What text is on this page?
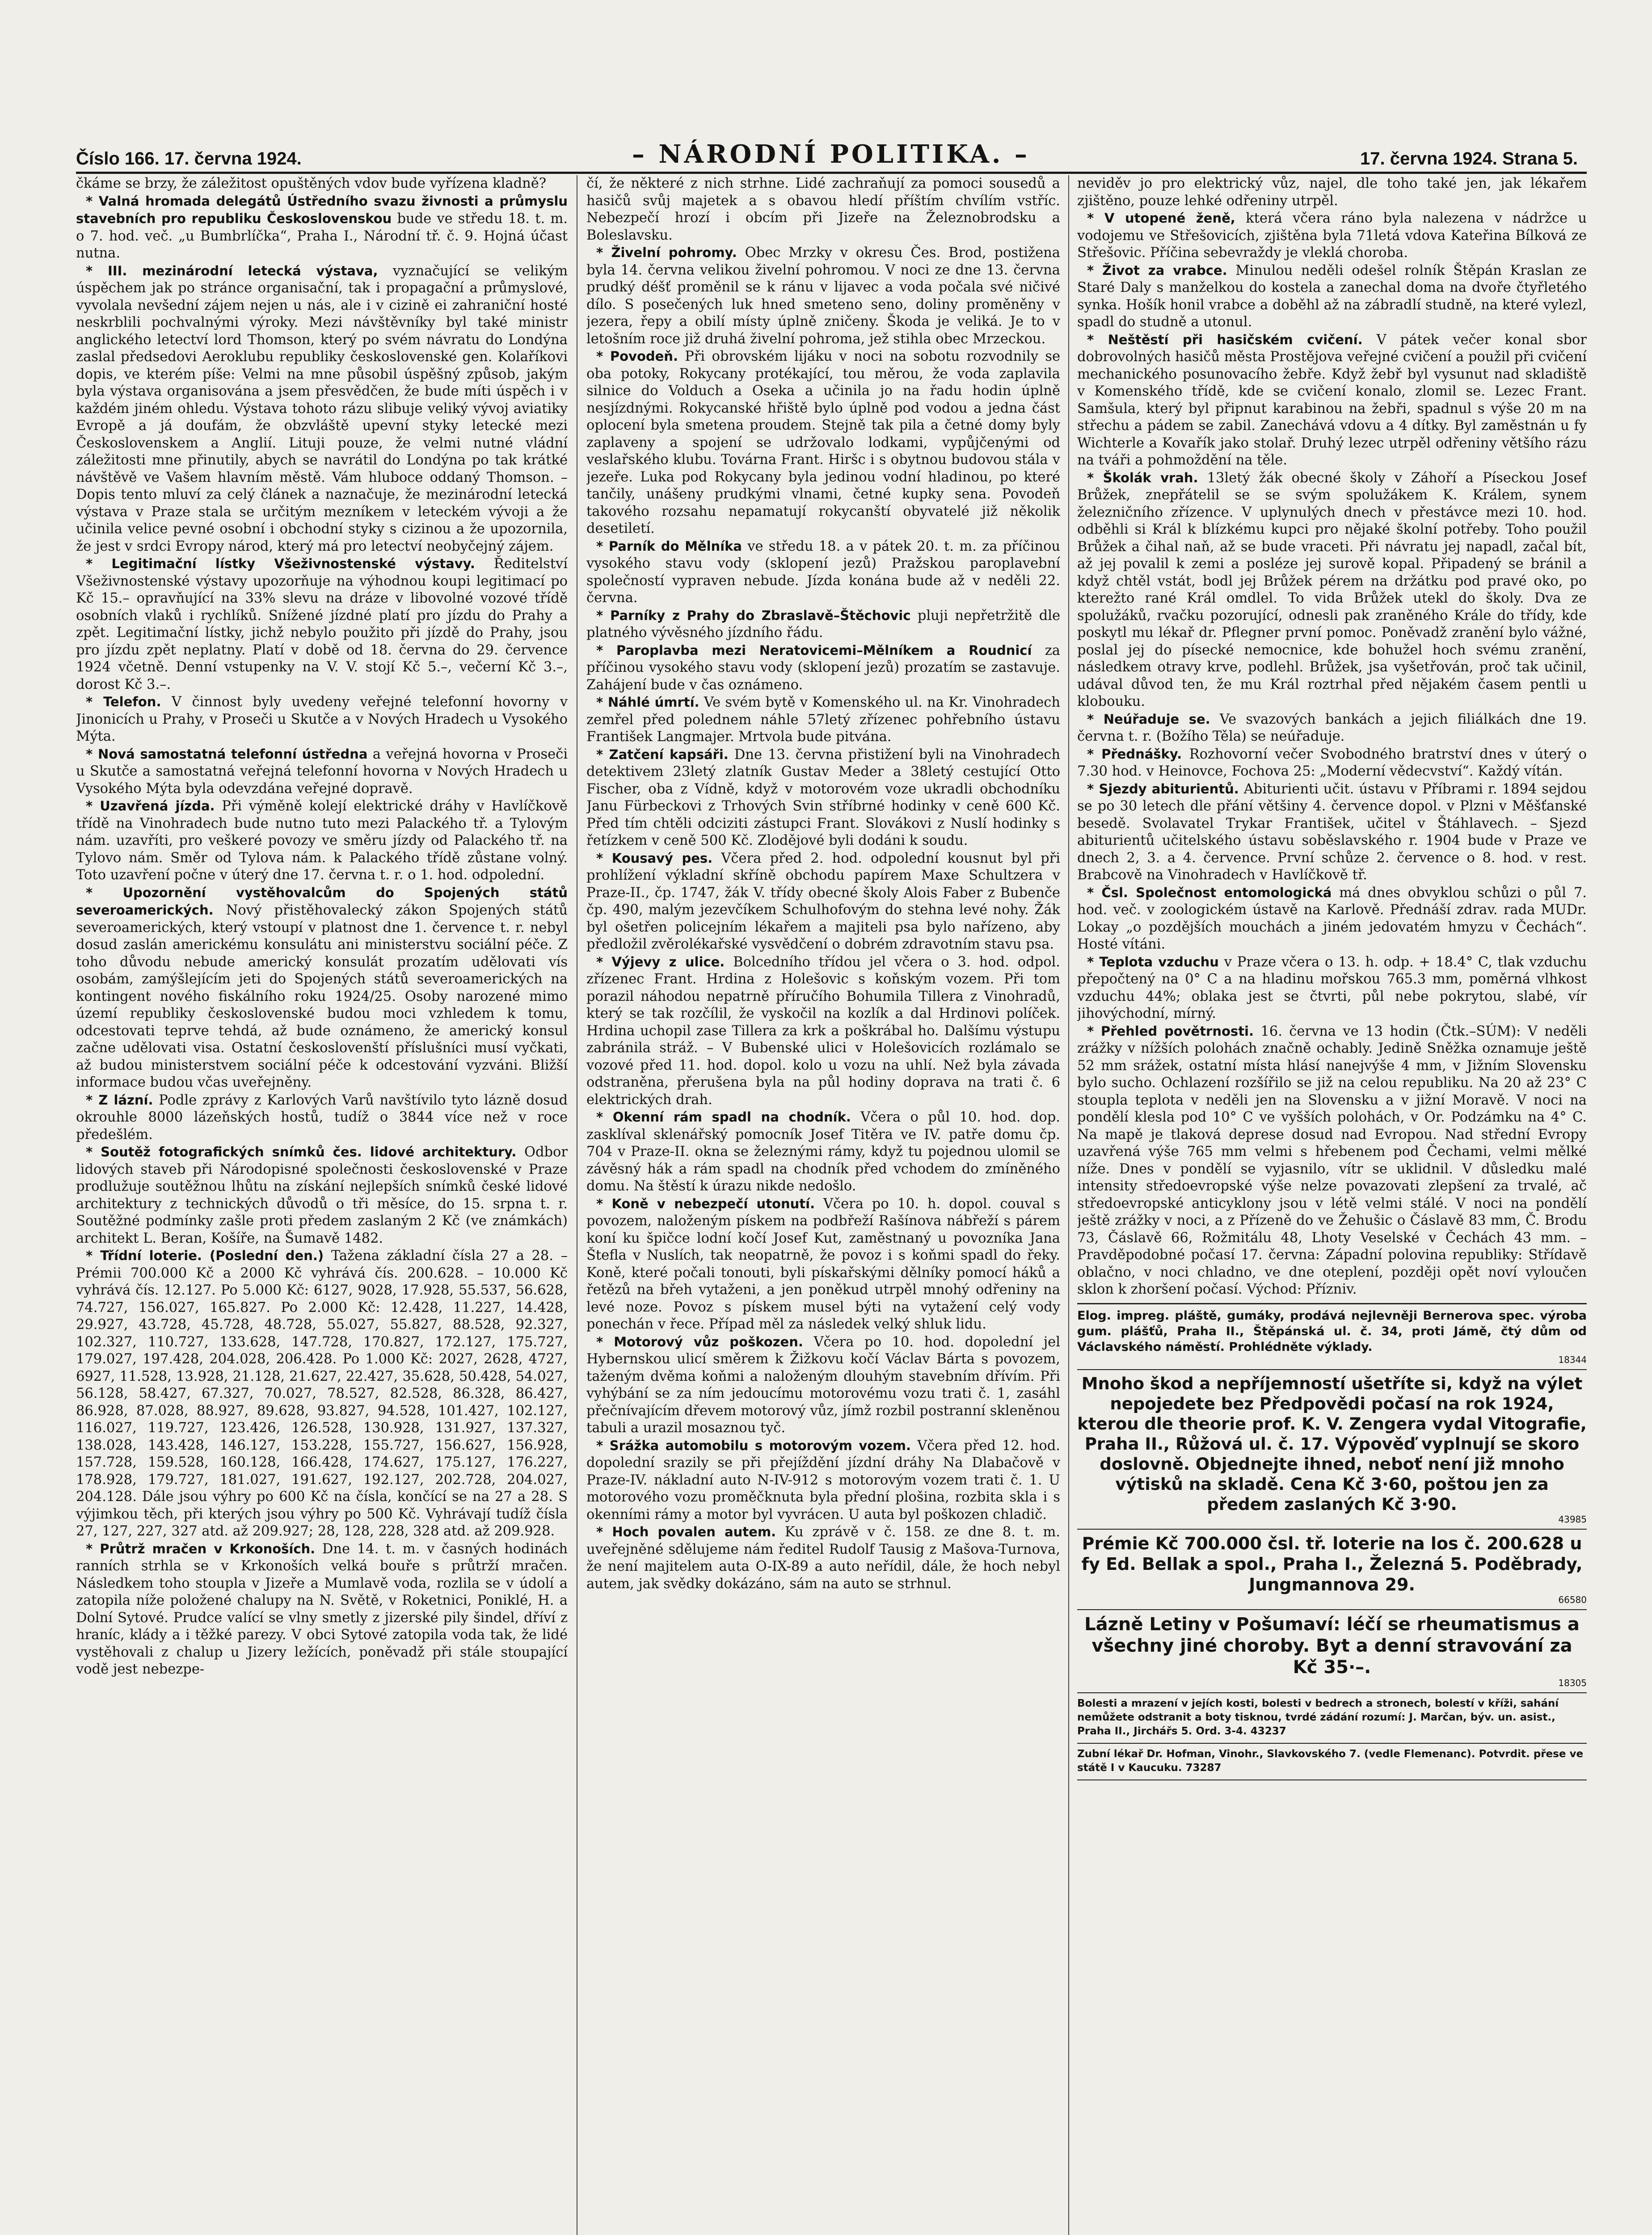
Číslo 166. 17. června 1924.	– NÁRODNÍ POLITIKA. –	17. června 1924. Strana 5.

čkáme se brzy, že záležitost opuštěných vdov bude vyřízena kladně?

* Valná hromada delegátů Ústředního svazu živnosti a průmyslu stavebních pro republiku Československou bude ve středu 18. t. m. o 7. hod. več. „u Bumbrlíčka“, Praha I., Národní tř. č. 9. Hojná účast nutna.

* III. mezinárodní letecká výstava, vyznačující se velikým úspěchem jak po stránce organisační, tak i propagační a průmyslové, vyvolala nevšední zájem nejen u nás, ale i v cizině ei zahraniční hosté neskrblili pochvalnými výroky. Mezi návštěvníky byl také ministr anglického letectví lord Thomson, který po svém návratu do Londýna zaslal předsedovi Aeroklubu republiky československé gen. Kolaříkovi dopis, ve kterém píše: Velmi na mne působil úspěšný způsob, jakým byla výstava organisována a jsem přesvědčen, že bude míti úspěch i v každém jiném ohledu. Výstava tohoto rázu slibuje veliký vývoj aviatiky Evropě a já doufám, že obzvláště upevní styky letecké mezi Československem a Anglií. Lituji pouze, že velmi nutné vládní záležitosti mne přinutily, abych se navrátil do Londýna po tak krátké návštěvě ve Vašem hlavním městě. Vám hluboce oddaný Thomson. – Dopis tento mluví za celý článek a naznačuje, že mezinárodní letecká výstava v Praze stala se určitým mezníkem v leteckém vývoji a že učinila velice pevné osobní i obchodní styky s cizinou a že upozornila, že jest v srdci Evropy národ, který má pro letectví neobyčejný zájem.

* Legitimační lístky Všeživnostenské výstavy. Ředitelství Všeživnostenské výstavy upozorňuje na výhodnou koupi legitimací po Kč 15.– opravňující na 33% slevu na dráze v libovolné vozové třídě osobních vlaků i rychlíků. Snížené jízdné platí pro jízdu do Prahy a zpět. Legitimační lístky, jichž nebylo použito při jízdě do Prahy, jsou pro jízdu zpět neplatny. Platí v době od 18. června do 29. července 1924 včetně. Denní vstupenky na V. V. stojí Kč 5.–, večerní Kč 3.–, dorost Kč 3.–.

* Telefon. V činnost byly uvedeny veřejné telefonní hovorny v Jinonicích u Prahy, v Proseči u Skutče a v Nových Hradech u Vysokého Mýta.

* Nová samostatná telefonní ústředna a veřejná hovorna v Proseči u Skutče a samostatná veřejná telefonní hovorna v Nových Hradech u Vysokého Mýta byla odevzdána veřejné dopravě.

* Uzavřená jízda. Při výměně kolejí elektrické dráhy v Havlíčkově třídě na Vinohradech bude nutno tuto mezi Palackého tř. a Tylovým nám. uzavříti, pro veškeré povozy ve směru jízdy od Palackého tř. na Tylovo nám. Směr od Tylova nám. k Palackého třídě zůstane volný. Toto uzavření počne v úterý dne 17. června t. r. o 1. hod. odpolední.

* Upozornění vystěhovalcům do Spojených států severoamerických. Nový přistěhovalecký zákon Spojených států severoamerických, který vstoupí v platnost dne 1. července t. r. nebyl dosud zaslán americkému konsulátu ani ministerstvu sociální péče. Z toho důvodu nebude americký konsulát prozatím udělovati vís osobám, zamýšlejícím jeti do Spojených států severoamerických na kontingent nového fiskálního roku 1924/25. Osoby narozené mimo území republiky československé budou moci vzhledem k tomu, odcestovati teprve tehdá, až bude oznámeno, že americký konsul začne udělovati visa. Ostatní českoslovenští příslušníci musí vyčkati, až budou ministerstvem sociální péče k odcestování vyzváni. Bližší informace budou včas uveřejněny.

* Z lázní. Podle zprávy z Karlových Varů navštívilo tyto lázně dosud okrouhle 8000 lázeňských hostů, tudíž o 3844 více než v roce předešlém.

* Soutěž fotografických snímků čes. lidové architektury. Odbor lidových staveb při Národopisné společnosti československé v Praze prodlužuje soutěžnou lhůtu na získání nejlepších snímků české lidové architektury z technických důvodů o tři měsíce, do 15. srpna t. r. Soutěžné podmínky zašle proti předem zaslaným 2 Kč (ve známkách) architekt L. Beran, Košíře, na Šumavě 1482.

* Třídní loterie. (Poslední den.) Tažena základní čísla 27 a 28. – Prémii 700.000 Kč a 2000 Kč vyhrává čís. 200.628. – 10.000 Kč vyhrává čís. 12.127. Po 5.000 Kč: 6127, 9028, 17.928, 55.537, 56.628, 74.727, 156.027, 165.827. Po 2.000 Kč: 12.428, 11.227, 14.428, 29.927, 43.728, 45.728, 48.728, 55.027, 55.827, 88.528, 92.327, 102.327, 110.727, 133.628, 147.728, 170.827, 172.127, 175.727, 179.027, 197.428, 204.028, 206.428. Po 1.000 Kč: 2027, 2628, 4727, 6927, 11.528, 13.928, 21.128, 21.627, 22.427, 35.628, 50.428, 54.027, 56.128, 58.427, 67.327, 70.027, 78.527, 82.528, 86.328, 86.427, 86.928, 87.028, 88.927, 89.628, 93.827, 94.528, 101.427, 102.127, 116.027, 119.727, 123.426, 126.528, 130.928, 131.927, 137.327, 138.028, 143.428, 146.127, 153.228, 155.727, 156.627, 156.928, 157.728, 159.528, 160.128, 166.428, 174.627, 175.127, 176.227, 178.928, 179.727, 181.027, 191.627, 192.127, 202.728, 204.027, 204.128. Dále jsou výhry po 600 Kč na čísla, končící se na 27 a 28. S výjimkou těch, při kterých jsou výhry po 500 Kč. Vyhrávají tudíž čísla 27, 127, 227, 327 atd. až 209.927; 28, 128, 228, 328 atd. až 209.928.

* Průtrž mračen v Krkonoších. Dne 14. t. m. v časných hodinách ranních strhla se v Krkonoších velká bouře s průtrží mračen. Následkem toho stoupla v Jizeře a Mumlavě voda, rozlila se v údolí a zatopila níže položené chalupy na N. Světě, v Roketnici, Poniklé, H. a Dolní Sytové. Prudce valící se vlny smetly z jizerské pily šindel, dříví z hraníc, klády a i těžké parezy. V obci Sytové zatopila voda tak, že lidé vystěhovali z chalup u Jizery ležících, poněvadž při stále stoupající vodě jest nebezpe-

čí, že některé z nich strhne. Lidé zachraňují za pomoci sousedů a hasičů svůj majetek a s obavou hledí příštím chvílím vstříc. Nebezpečí hrozí i obcím při Jizeře na Železnobrodsku a Boleslavsku.

* Živelní pohromy. Obec Mrzky v okresu Čes. Brod, postižena byla 14. června velikou živelní pohromou. V noci ze dne 13. června prudký déšť proměnil se k ránu v lijavec a voda počala své ničivé dílo. S posečených luk hned smeteno seno, doliny proměněny v jezera, řepy a obilí místy úplně zničeny. Škoda je veliká. Je to v letošním roce již druhá živelní pohroma, jež stihla obec Mrzeckou.

* Povodeň. Při obrovském lijáku v noci na sobotu rozvodnily se oba potoky, Rokycany protékající, tou měrou, že voda zaplavila silnice do Volduch a Oseka a učinila jo na řadu hodin úplně nesjízdnými. Rokycanské hřiště bylo úplně pod vodou a jedna část oplocení byla smetena proudem. Stejně tak pila a četné domy byly zaplaveny a spojení se udržovalo lodkami, vypůjčenými od veslařského klubu. Továrna Frant. Hiršc i s obytnou budovou stála v jezeře. Luka pod Rokycany byla jedinou vodní hladinou, po které tančily, unášeny prudkými vlnami, četné kupky sena. Povodeň takového rozsahu nepamatují rokycanští obyvatelé již několik desetiletí.

* Parník do Mělníka ve středu 18. a v pátek 20. t. m. za příčinou vysokého stavu vody (sklopení jezů) Pražskou paroplavební společností vypraven nebude. Jízda konána bude až v neděli 22. června.

* Parníky z Prahy do Zbraslavě–Štěchovic pluji nepřetržitě dle platného vývěsného jízdního řádu.

* Paroplavba mezi Neratovicemi–Mělníkem a Roudnicí za příčinou vysokého stavu vody (sklopení jezů) prozatím se zastavuje. Zahájení bude v čas oznámeno.

* Náhlé úmrtí. Ve svém bytě v Komenského ul. na Kr. Vinohradech zemřel před polednem náhle 57letý zřízenec pohřebního ústavu František Langmajer. Mrtvola bude pitvána.

* Zatčení kapsáři. Dne 13. června přistižení byli na Vinohradech detektivem 23letý zlatník Gustav Meder a 38letý cestující Otto Fischer, oba z Vídně, když v motorovém voze ukradli obchodníku Janu Fürbeckovi z Trhových Svin stříbrné hodinky v ceně 600 Kč. Před tím chtěli odciziti zástupci Frant. Slovákovi z Nuslí hodinky s řetízkem v ceně 500 Kč. Zlodějové byli dodáni k soudu.

* Kousavý pes. Včera před 2. hod. odpolední kousnut byl při prohlížení výkladní skříně obchodu papírem Maxe Schultzera v Praze-II., čp. 1747, žák V. třídy obecné školy Alois Faber z Bubenče čp. 490, malým jezevčíkem Schulhofovým do stehna levé nohy. Žák byl ošetřen policejním lékařem a majiteli psa bylo nařízeno, aby předložil zvěrolékařské vysvědčení o dobrém zdravotním stavu psa.

* Výjevy z ulice. Bolcedního třídou jel včera o 3. hod. odpol. zřízenec Frant. Hrdina z Holešovic s koňským vozem. Při tom porazil náhodou nepatrně příručího Bohumila Tillera z Vinohradů, který se tak rozčílil, že vyskočil na kozlík a dal Hrdinovi políček. Hrdina uchopil zase Tillera za krk a poškrábal ho. Dalšímu výstupu zabránila stráž. – V Bubenské ulici v Holešovicích rozlámalo se vozové před 11. hod. dopol. kolo u vozu na uhlí. Než byla závada odstraněna, přerušena byla na půl hodiny doprava na trati č. 6 elektrických drah.

* Okenní rám spadl na chodník. Včera o půl 10. hod. dop. zasklíval sklenářský pomocník Josef Titěra ve IV. patře domu čp. 704 v Praze-II. okna se železnými rámy, když tu pojednou ulomil se závěsný hák a rám spadl na chodník před vchodem do zmíněného domu. Na štěstí k úrazu nikde nedošlo.

* Koně v nebezpečí utonutí. Včera po 10. h. dopol. couval s povozem, naloženým pískem na podbřeží Rašínova nábřeží s párem koní ku špičce lodní kočí Josef Kut, zaměstnaný u povozníka Jana Štefla v Nuslích, tak neopatrně, že povoz i s koňmi spadl do řeky. Koně, které počali tonouti, byli pískařskými dělníky pomocí háků a řetězů na břeh vytaženi, a jen poněkud utrpěl mnohý odřeniny na levé noze. Povoz s pískem musel býti na vytažení celý vody ponechán v řece. Případ měl za následek velký shluk lidu.

* Motorový vůz poškozen. Včera po 10. hod. dopolední jel Hybernskou ulicí směrem k Žižkovu kočí Václav Bárta s povozem, taženým dvěma koňmi a naloženým dlouhým stavebním dřívím. Při vyhýbání se za ním jedoucímu motorovému vozu trati č. 1, zasáhl přečnívajícím dřevem motorový vůz, jímž rozbil postranní skleněnou tabuli a urazil mosaznou tyč.

* Srážka automobilu s motorovým vozem. Včera před 12. hod. dopolední srazily se při přejíždění jízdní dráhy Na Dlabačově v Praze-IV. nákladní auto N-IV-912 s motorovým vozem trati č. 1. U motorového vozu proměčknuta byla přední plošina, rozbita skla i s okenními rámy a motor byl vyvrácen. U auta byl poškozen chladič.

* Hoch povalen autem. Ku zprávě v č. 158. ze dne 8. t. m. uveřejněné sdělujeme nám ředitel Rudolf Tausig z Mašova-Turnova, že není majitelem auta O-IX-89 a auto neřídil, dále, že hoch nebyl autem, jak svědky dokázáno, sám na auto se strhnul.

neviděv jo pro elektrický vůz, najel, dle toho také jen, jak lékařem zjištěno, pouze lehké odřeniny utrpěl.

* V utopené ženě, která včera ráno byla nalezena v nádržce u vodojemu ve Střešovicích, zjištěna byla 71letá vdova Kateřina Bílková ze Střešovic. Příčina sebevraždy je vleklá choroba.

* Život za vrabce. Minulou neděli odešel rolník Štěpán Kraslan ze Staré Daly s manželkou do kostela a zanechal doma na dvoře čtyřletého synka. Hošík honil vrabce a doběhl až na zábradlí studně, na které vylezl, spadl do studně a utonul.

* Neštěstí při hasičském cvičení. V pátek večer konal sbor dobrovolných hasičů města Prostějova veřejné cvičení a použil při cvičení mechanického posunovacího žebře. Když žebř byl vysunut nad skladiště v Komenského třídě, kde se cvičení konalo, zlomil se. Lezec Frant. Samšula, který byl připnut karabinou na žebři, spadnul s výše 20 m na střechu a pádem se zabil. Zanechává vdovu a 4 dítky. Byl zaměstnán u fy Wichterle a Kovařík jako stolař. Druhý lezec utrpěl odřeniny většího rázu na tváři a pohmoždění na těle.

* Školák vrah. 13letý žák obecné školy v Záhoří a Píseckou Josef Brůžek, znepřátelil se se svým spolužákem K. Králem, synem železničního zřízence. V uplynulých dnech v přestávce mezi 10. hod. odběhli si Král k blízkému kupci pro nějaké školní potřeby. Toho použil Brůžek a čihal naň, až se bude vraceti. Při návratu jej napadl, začal bít, až jej povalil k zemi a posléze jej surově kopal. Připadený se bránil a když chtěl vstát, bodl jej Brůžek pérem na držátku pod pravé oko, po kterežto rané Král omdlel. To vida Brůžek utekl do školy. Dva ze spolužáků, rvačku pozorující, odnesli pak zraněného Krále do třídy, kde poskytl mu lékař dr. Pflegner první pomoc. Poněvadž zranění bylo vážné, poslal jej do písecké nemocnice, kde bohužel hoch svému zranění, následkem otravy krve, podlehl. Brůžek, jsa vyšetřován, proč tak učinil, udával důvod ten, že mu Král roztrhal před nějakém časem pentli u klobouku.

* Neúřaduje se. Ve svazových bankách a jejich filiálkách dne 19. června t. r. (Božího Těla) se neúřaduje.

* Přednášky. Rozhovorní večer Svobodného bratrství dnes v úterý o 7.30 hod. v Heinovce, Fochova 25: „Moderní vědecvství“. Každý vítán.

* Sjezdy abiturientů. Abiturienti učit. ústavu v Příbrami r. 1894 sejdou se po 30 letech dle přání většiny 4. července dopol. v Plzni v Měšťanské besedě. Svolavatel Trykar František, učitel v Štáhlavech. – Sjezd abiturientů učitelského ústavu soběslavského r. 1904 bude v Praze ve dnech 2, 3. a 4. července. První schůze 2. července o 8. hod. v rest. Brabcově na Vinohradech v Havlíčkově tř.

* Čsl. Společnost entomologická má dnes obvyklou schůzi o půl 7. hod. več. v zoologickém ústavě na Karlově. Přednáší zdrav. rada MUDr. Lokay „o pozdějších mouchách a jiném jedovatém hmyzu v Čechách“. Hosté vítáni.

* Teplota vzduchu v Praze včera o 13. h. odp. + 18.4° C, tlak vzduchu přepočtený na 0° C a na hladinu mořskou 765.3 mm, poměrná vlhkost vzduchu 44%; oblaka jest se čtvrti, půl nebe pokrytou, slabé, vír jihovýchodní, mírný.

* Přehled povětrnosti. 16. června ve 13 hodin (Čtk.–SÚM): V neděli zrážky v nížších polohách značně ochably. Jedině Sněžka oznamuje ještě 52 mm srážek, ostatní místa hlásí nanejvýše 4 mm, v Jižním Slovensku bylo sucho. Ochlazení rozšířilo se již na celou republiku. Na 20 až 23° C stoupla teplota v neděli jen na Slovensku a v jižní Moravě. V noci na pondělí klesla pod 10° C ve vyšších polohách, v Or. Podzámku na 4° C. Na mapě je tlaková deprese dosud nad Evropou. Nad střední Evropy uzavřená výše 765 mm velmi s hřebenem pod Čechami, velmi mělké níže. Dnes v pondělí se vyjasnilo, vítr se uklidnil. V důsledku malé intensity středoevropské výše nelze povazovati zlepšení za trvalé, ač středoevropské anticyklony jsou v létě velmi stálé. V noci na pondělí ještě zrážky v noci, a z Přízeně do ve Žehušic o Čáslavě 83 mm, Č. Brodu 73, Čáslavě 66, Rožmitálu 48, Lhoty Veselské v Čechách 43 mm. – Pravděpodobné počasí 17. června: Západní polovina republiky: Střídavě oblačno, v noci chladno, ve dne oteplení, později opět noví vyloučen sklon k zhoršení počasí. Východ: Přízniv.

Elog. impreg. pláště, gumáky, prodává nejlevněji Bernerova spec. výroba gum. plášťů, Praha II., Štěpánská ul. č. 34, proti Jámě, čtý dům od Václavského náměstí. Prohlédněte výklady.

18344

Mnoho škod a nepříjemností ušetříte si, když na výlet nepojedete bez Předpovědi počasí na rok 1924, kterou dle theorie prof. K. V. Zengera vydal Vitografie, Praha II., Růžová ul. č. 17. Výpověď vyplnují se skoro doslovně. Objednejte ihned, neboť není již mnoho výtisků na skladě. Cena Kč 3·60, poštou jen za předem zaslaných Kč 3·90.

43985

Prémie Kč 700.000 čsl. tř. loterie na los č. 200.628 u fy Ed. Bellak a spol., Praha I., Železná 5. Poděbrady, Jungmannova 29.

66580

Lázně Letiny v Pošumaví: léčí se rheumatismus a všechny jiné choroby. Byt a denní stravování za Kč 35·–.

18305

Bolesti a mrazení v jejích kosti, bolesti v bedrech a stronech, bolestí v kříži, sahání nemůžete odstranit a boty tisknou, tvrdé zádání rozumí: J. Marčan, býv. un. asist., Praha II., Jirchářs 5. Ord. 3-4. 43237

Zubní lékař Dr. Hofman, Vinohr., Slavkovského 7. (vedle Flemenanc). Potvrdit. přese ve státě I v Kaucuku. 73287
